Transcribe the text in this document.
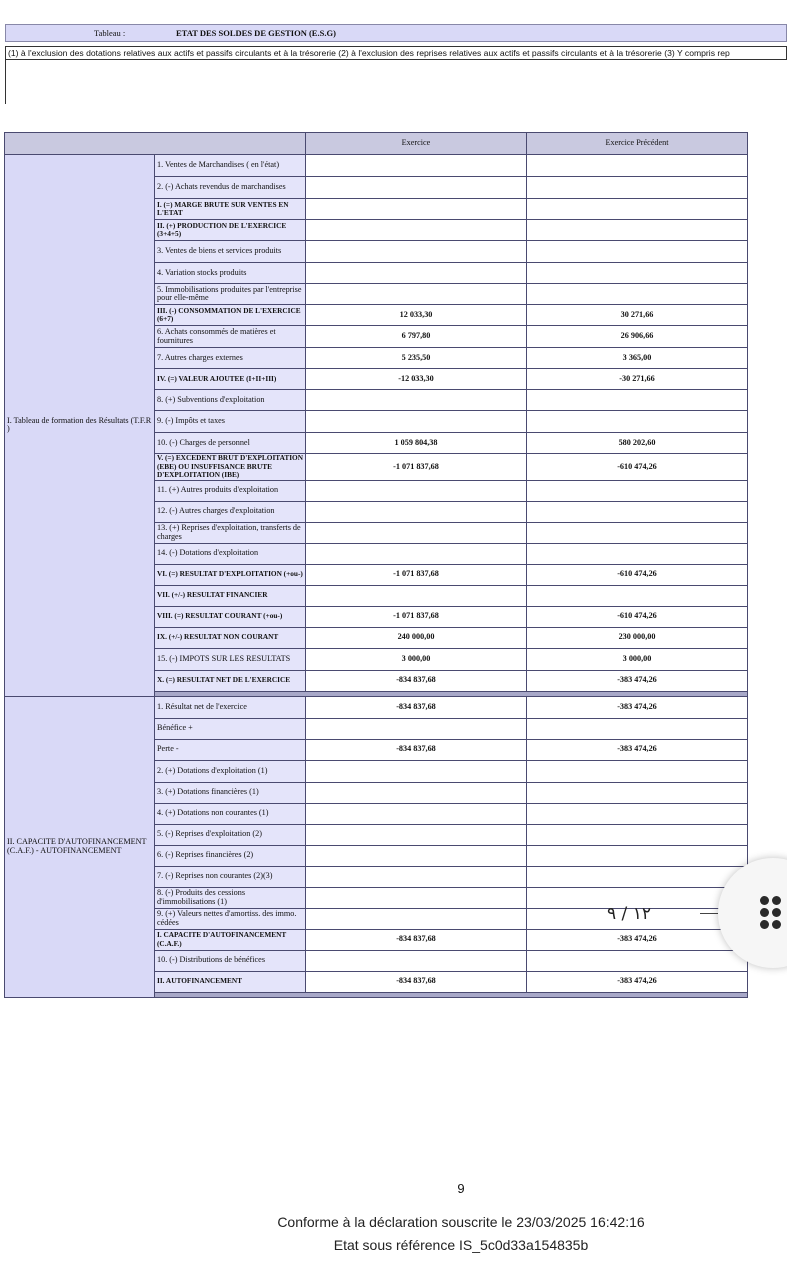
Tableau :	ETAT DES SOLDES DE GESTION (E.S.G)
(1) à l'exclusion des dotations relatives aux actifs et passifs circulants et à la trésorerie (2) à l'exclusion des reprises relatives aux actifs et passifs circulants et à la trésorerie (3) Y compris rep
		Exercice	Exercice Précédent
I. Tableau de formation des Résultats (T.F.R )	1. Ventes de Marchandises ( en l'état)		
	2. (-) Achats revendus de marchandises		
	I. (=) MARGE BRUTE SUR VENTES EN L'ETAT		
	II. (+) PRODUCTION DE L'EXERCICE (3+4+5)		
	3. Ventes de biens et services produits		
	4. Variation stocks produits		
	5. Immobilisations produites par l'entreprise pour elle-même		
	III. (-) CONSOMMATION DE L'EXERCICE (6+7)	12 033,30	30 271,66
	6. Achats consommés de matières et fournitures	6 797,80	26 906,66
	7. Autres charges externes	5 235,50	3 365,00
	IV. (=) VALEUR AJOUTEE (I+II+III)	-12 033,30	-30 271,66
	8. (+) Subventions d'exploitation		
	9. (-) Impôts et taxes		
	10. (-) Charges de personnel	1 059 804,38	580 202,60
	V. (=) EXCEDENT BRUT D'EXPLOITATION (EBE) OU INSUFFISANCE BRUTE D'EXPLOITATION (IBE)	-1 071 837,68	-610 474,26
	11. (+) Autres produits d'exploitation		
	12. (-) Autres charges d'exploitation		
	13. (+) Reprises d'exploitation, transferts de charges		
	14. (-) Dotations d'exploitation		
	VI. (=) RESULTAT D'EXPLOITATION (+ou-)	-1 071 837,68	-610 474,26
	VII. (+/-) RESULTAT FINANCIER		
	VIII. (=) RESULTAT COURANT (+ou-)	-1 071 837,68	-610 474,26
	IX. (+/-) RESULTAT NON COURANT	240 000,00	230 000,00
	15. (-) IMPOTS SUR LES RESULTATS	3 000,00	3 000,00
	X. (=) RESULTAT NET DE L'EXERCICE	-834 837,68	-383 474,26

II. CAPACITE D'AUTOFINANCEMENT (C.A.F.) - AUTOFINANCEMENT	1. Résultat net de l'exercice	-834 837,68	-383 474,26
	Bénéfice +		
	Perte -	-834 837,68	-383 474,26
	2. (+) Dotations d'exploitation (1)		
	3. (+) Dotations financières (1)		
	4. (+) Dotations non courantes (1)		
	5. (-) Reprises d'exploitation (2)		
	6. (-) Reprises financières (2)		
	7. (-) Reprises non courantes (2)(3)		
	8. (-) Produits des cessions d'immobilisations (1)		
	9. (+) Valeurs nettes d'amortiss. des immo. cédées		
	I. CAPACITE D'AUTOFINANCEMENT (C.A.F.)	-834 837,68	-383 474,26
	10. (-) Distributions de bénéfices		
	II. AUTOFINANCEMENT	-834 837,68	-383 474,26

9
Conforme à la déclaration souscrite le 23/03/2025 16:42:16
Etat sous référence IS_5c0d33a154835b
١٢ / ٩
